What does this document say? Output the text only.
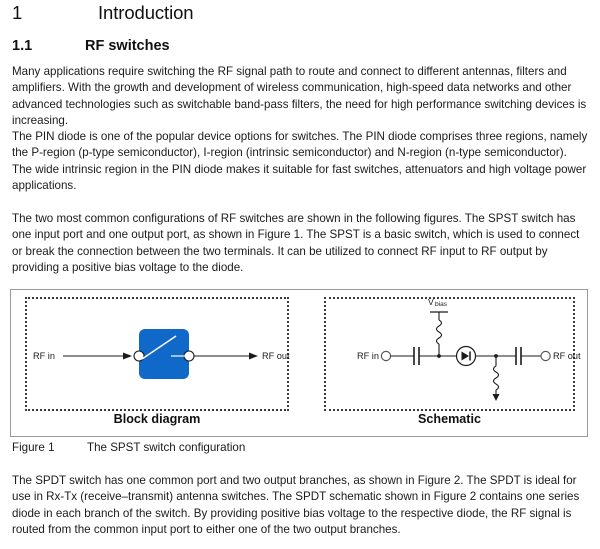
1	Introduction
1.1	RF switches

Many applications require switching the RF signal path to route and connect to different antennas, filters and amplifiers. With the growth and development of wireless communication, high-speed data networks and other advanced technologies such as switchable band-pass filters, the need for high performance switching devices is increasing.

The PIN diode is one of the popular device options for switches. The PIN diode comprises three regions, namely the P-region (p-type semiconductor), I-region (intrinsic semiconductor) and N-region (n-type semiconductor). The wide intrinsic region in the PIN diode makes it suitable for fast switches, attenuators and high voltage power applications.

The two most common configurations of RF switches are shown in the following figures. The SPST switch has one input port and one output port, as shown in Figure 1. The SPST is a basic switch, which is used to connect or break the connection between the two terminals. It can be utilized to connect RF input to RF output by providing a positive bias voltage to the diode.

RF in	RF out
V bias
RF in	RF out
Block diagram	Schematic
Figure 1	The SPST switch configuration

The SPDT switch has one common port and two output branches, as shown in Figure 2. The SPDT is ideal for use in Rx-Tx (receive–transmit) antenna switches. The SPDT schematic shown in Figure 2 contains one series diode in each branch of the switch. By providing positive bias voltage to the respective diode, the RF signal is routed from the common input port to either one of the two output branches.
